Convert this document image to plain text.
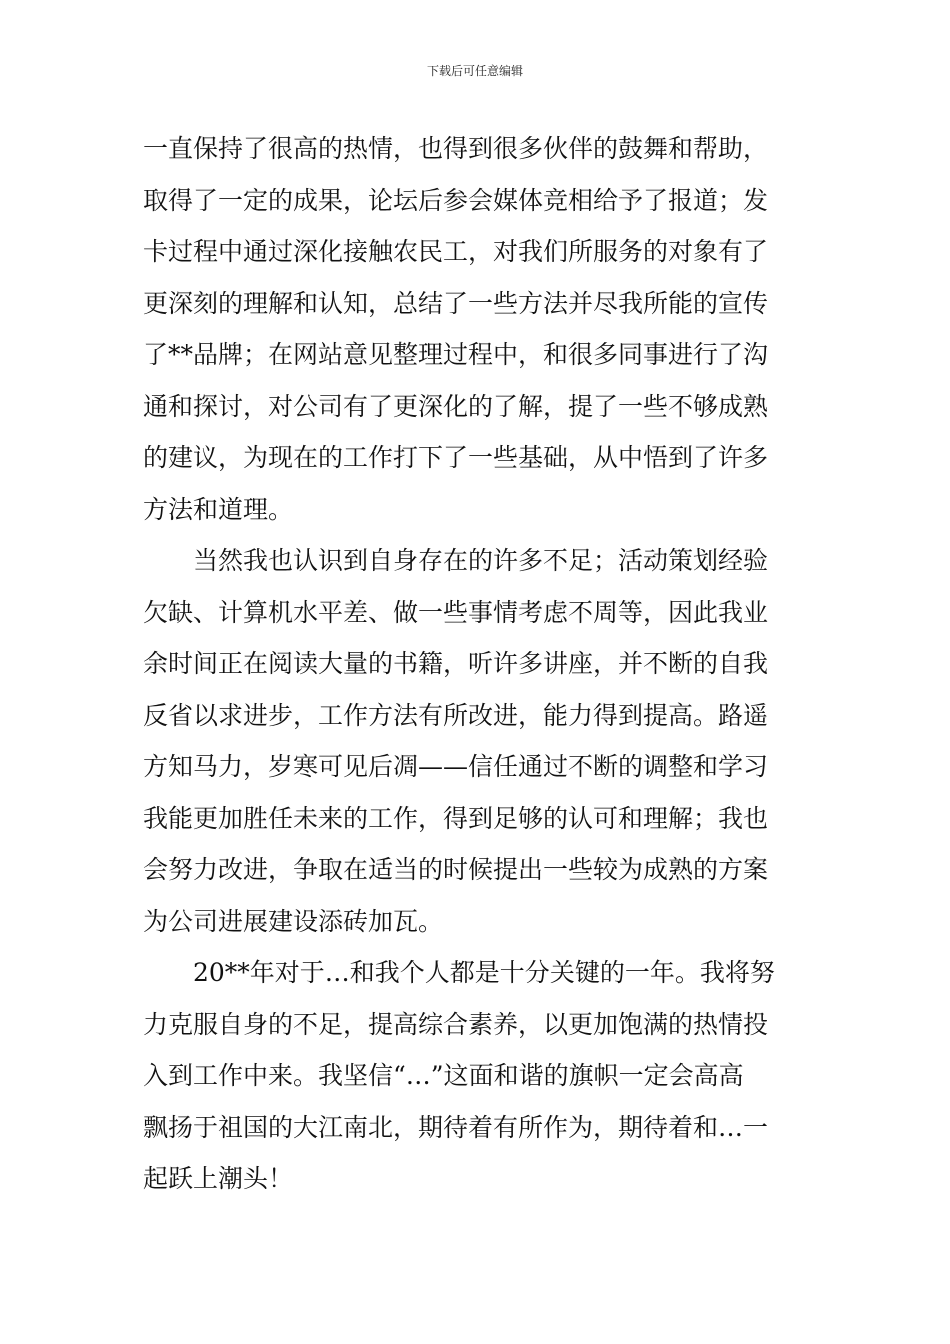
下载后可任意编辑
一直保持了很高的热情，也得到很多伙伴的鼓舞和帮助，
取得了一定的成果，论坛后参会媒体竞相给予了报道；发
卡过程中通过深化接触农民工，对我们所服务的对象有了
更深刻的理解和认知，总结了一些方法并尽我所能的宣传
了**品牌；在网站意见整理过程中，和很多同事进行了沟
通和探讨，对公司有了更深化的了解，提了一些不够成熟
的建议，为现在的工作打下了一些基础，从中悟到了许多
方法和道理。
当然我也认识到自身存在的许多不足；活动策划经验
欠缺、计算机水平差、做一些事情考虑不周等，因此我业
余时间正在阅读大量的书籍，听许多讲座，并不断的自我
反省以求进步，工作方法有所改进，能力得到提高。路遥
方知马力，岁寒可见后凋——信任通过不断的调整和学习
我能更加胜任未来的工作，得到足够的认可和理解；我也
会努力改进，争取在适当的时候提出一些较为成熟的方案
为公司进展建设添砖加瓦。
20**年对于…和我个人都是十分关键的一年。我将努
力克服自身的不足，提高综合素养，以更加饱满的热情投
入到工作中来。我坚信“…”这面和谐的旗帜一定会高高
飘扬于祖国的大江南北，期待着有所作为，期待着和…一
起跃上潮头！
